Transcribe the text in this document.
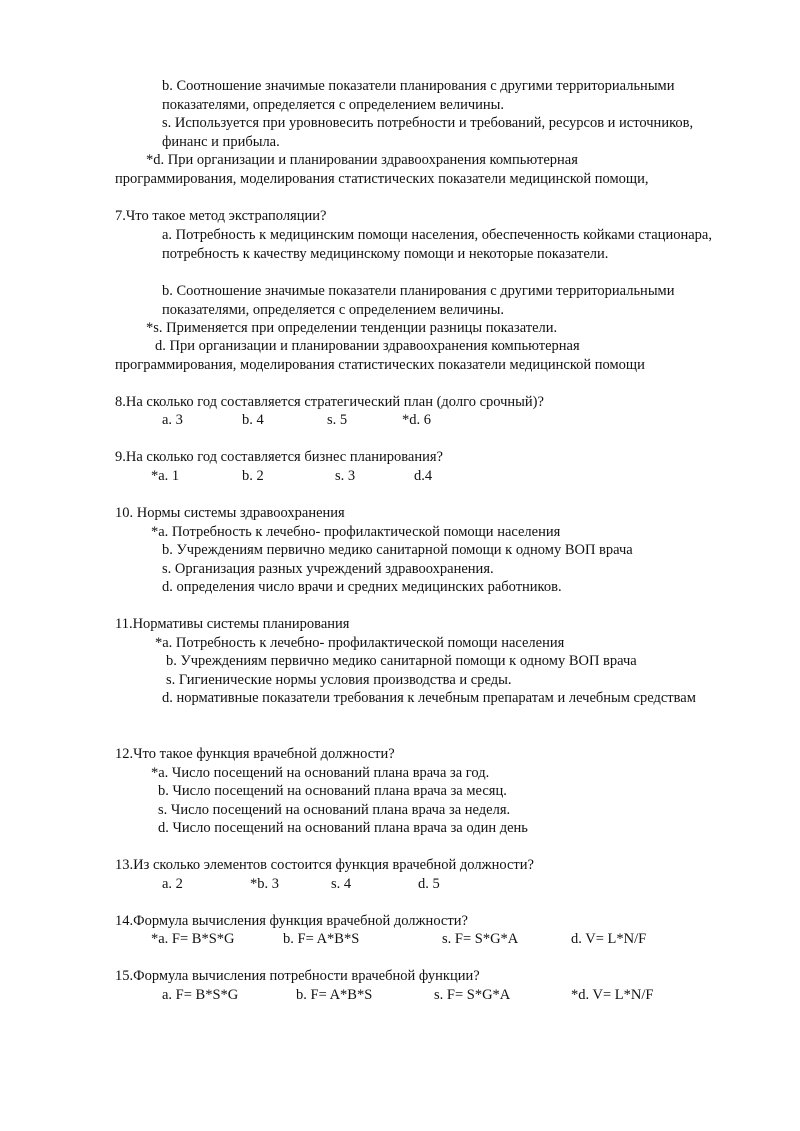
b. Соотношение значимые показатели планирования с другими территориальными показателями, определяется с определением величины.

s. Используется при уровновесить потребности и требований, ресурсов и источников, финанс и прибыла.

*d. При организации и планировании здравоохранения компьютерная

программирования, моделирования статистических показатели медицинской помощи,

7.Что такое метод экстраполяции?

a. Потребность к медицинским помощи населения, обеспеченность койками стационара, потребность к качеству медицинскому помощи и некоторые показатели.

b. Соотношение значимые показатели планирования с другими территориальными показателями, определяется с определением величины.

*s. Применяется при определении тенденции разницы показатели.

d. При организации и планировании здравоохранения компьютерная

программирования, моделирования статистических показатели медицинской помощи

8.На сколько год составляется стратегический план (долго срочный)?

a. 3	b. 4	s. 5	*d. 6

9.На сколько год составляется бизнес планирования?

*a. 1	b. 2	s. 3	d.4

10. Нормы системы здравоохранения

*a. Потребность к лечебно- профилактической помощи населения

b. Учреждениям первично медико санитарной помощи к одному ВОП врача

s. Организация разных учреждений здравоохранения.

d. определения число врачи и средних медицинских работников.

11.Нормативы системы планирования

*a. Потребность к лечебно- профилактической помощи населения

b. Учреждениям первично медико санитарной помощи к одному ВОП врача

s. Гигиенические нормы условия производства и среды.

d. нормативные показатели требования к лечебным препаратам и лечебным средствам

12.Что такое функция врачебной должности?

*a. Число посещений на оснований плана врача за год.

b. Число посещений на оснований плана врача за месяц.

s. Число посещений на оснований плана врача за неделя.

d. Число посещений на оснований плана врача за один день

13.Из сколько элементов состоится функция врачебной должности?

a. 2	*b. 3	s. 4	d. 5

14.Формула вычисления функция врачебной должности?

*a. F= B*S*G	b. F= A*B*S	s. F= S*G*A	d. V= L*N/F

15.Формула вычисления потребности врачебной функции?

a. F= B*S*G	b. F= A*B*S	s. F= S*G*A	*d. V= L*N/F
